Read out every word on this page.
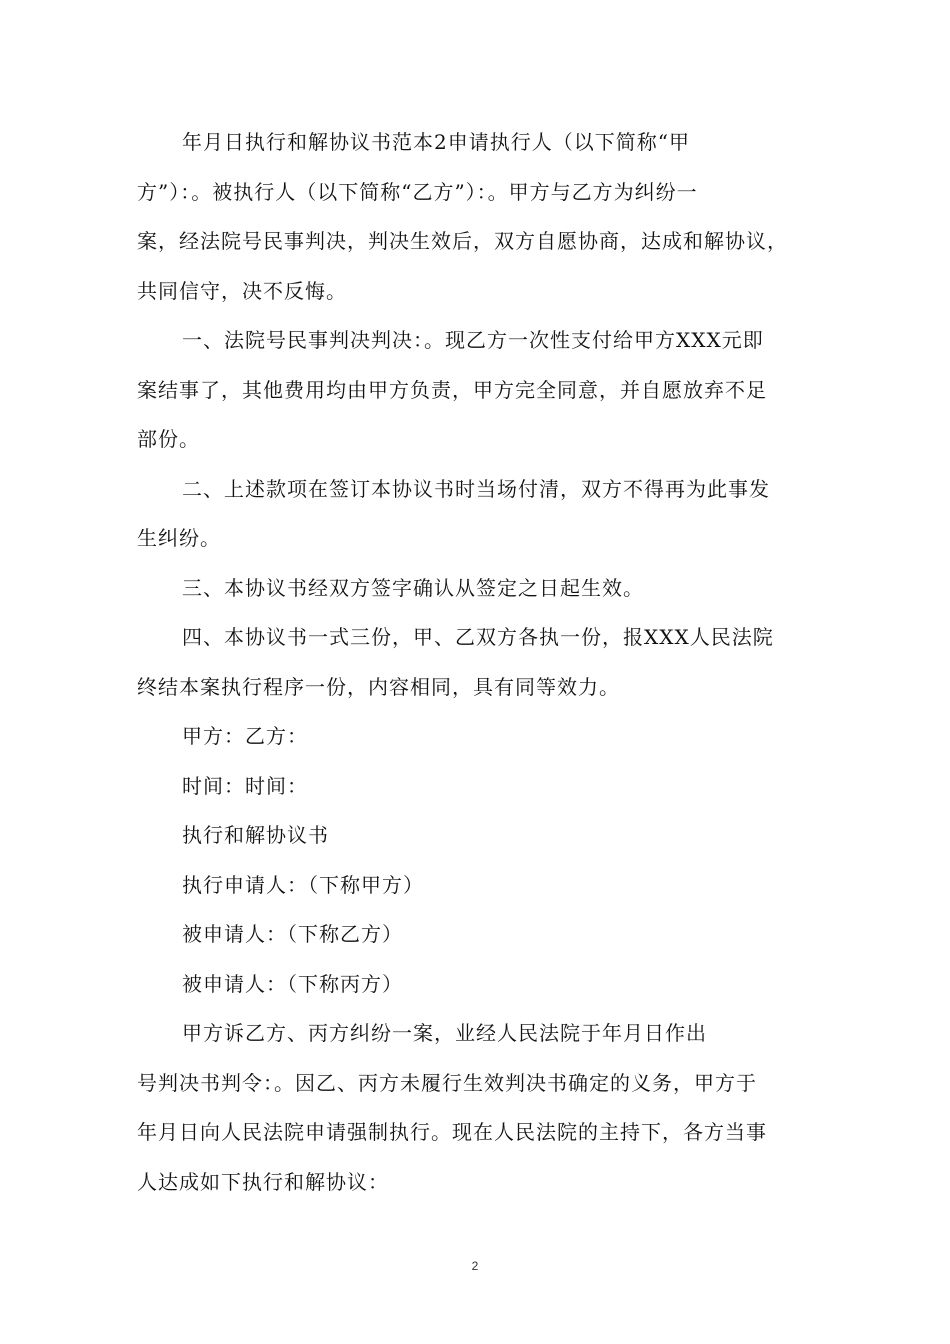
年月日执行和解协议书范本2申请执行人（以下简称“甲
方”）：。被执行人（以下简称“乙方”）：。甲方与乙方为纠纷一
案，经法院号民事判决，判决生效后，双方自愿协商，达成和解协议，
共同信守，决不反悔。
一、法院号民事判决判决：。现乙方一次性支付给甲方XXX元即
案结事了，其他费用均由甲方负责，甲方完全同意，并自愿放弃不足
部份。
二、上述款项在签订本协议书时当场付清，双方不得再为此事发
生纠纷。
三、本协议书经双方签字确认从签定之日起生效。
四、本协议书一式三份，甲、乙双方各执一份，报XXX人民法院
终结本案执行程序一份，内容相同，具有同等效力。
甲方：乙方：
时间：时间：
执行和解协议书
执行申请人：（下称甲方）
被申请人：（下称乙方）
被申请人：（下称丙方）
甲方诉乙方、丙方纠纷一案，业经人民法院于年月日作出
号判决书判令：。因乙、丙方未履行生效判决书确定的义务，甲方于
年月日向人民法院申请强制执行。现在人民法院的主持下，各方当事
人达成如下执行和解协议：
2
